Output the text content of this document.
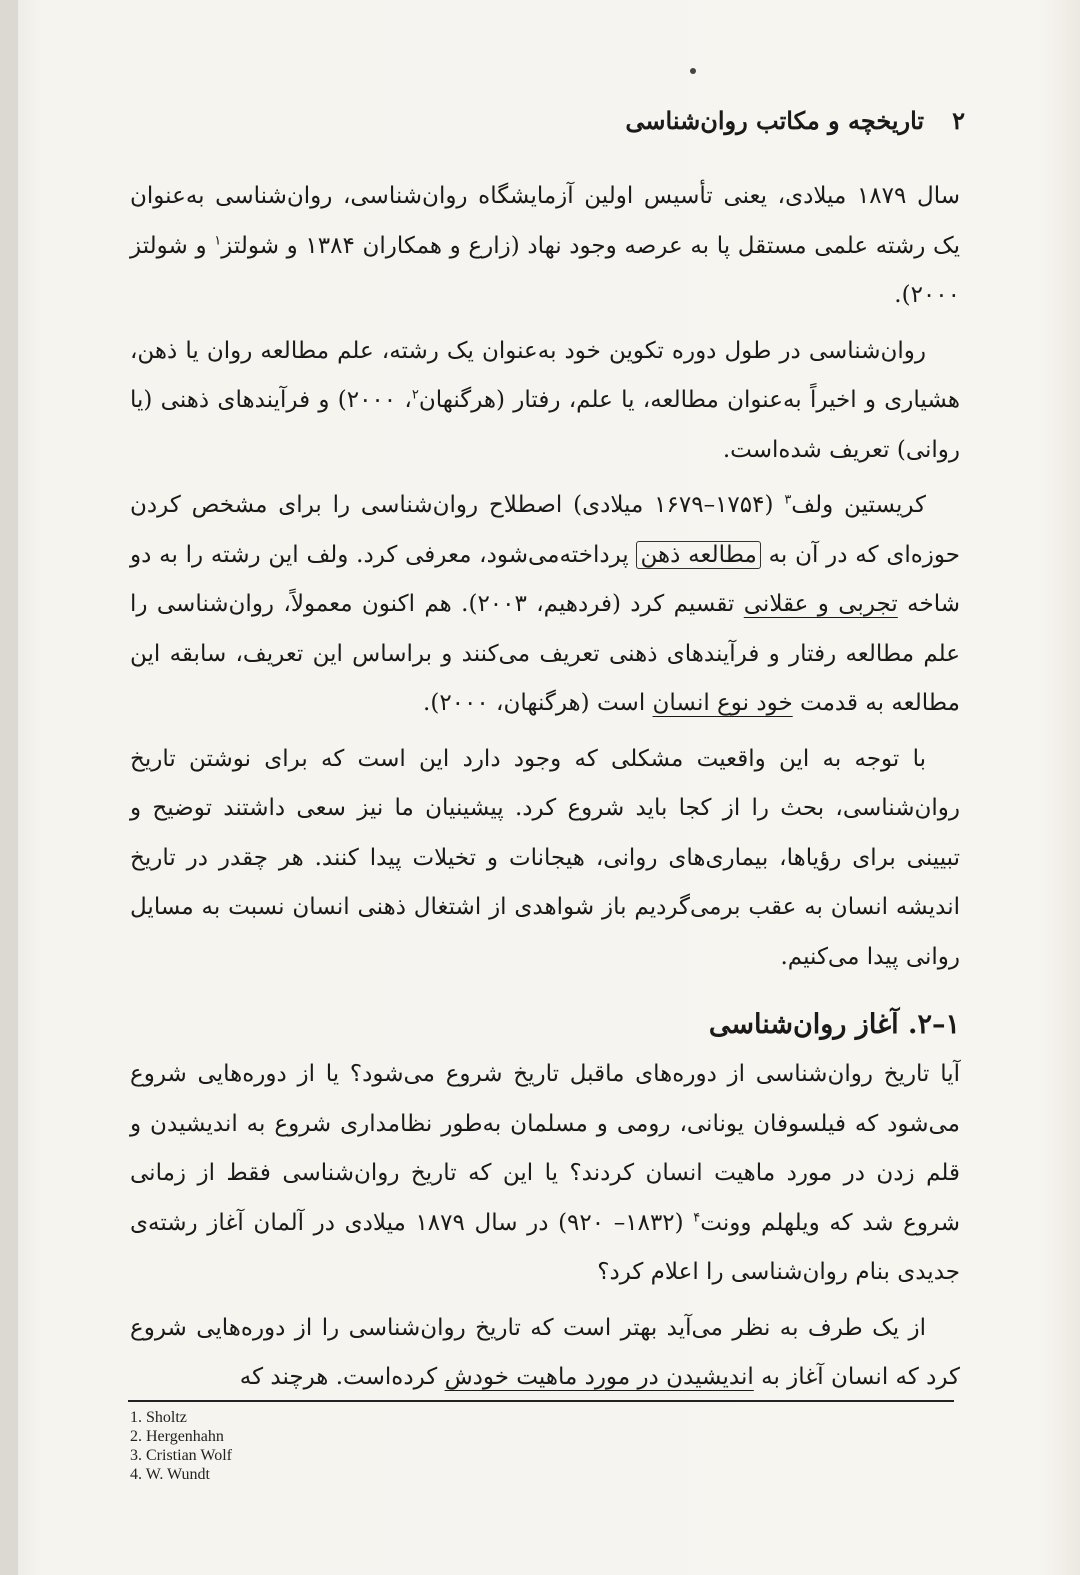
۲
تاریخچه و مکاتب روان‌شناسی

سال ۱۸۷۹ میلادی، یعنی تأسیس اولین آزمایشگاه روان‌شناسی، روان‌شناسی به‌عنوان یک رشته علمی مستقل پا به عرصه وجود نهاد (زارع و همکاران ۱۳۸۴ و شولتز$^۱$ و شولتز ۲۰۰۰).

روان‌شناسی در طول دوره تکوین خود به‌عنوان یک رشته، علم مطالعه روان یا ذهن، هشیاری و اخیراً به‌عنوان مطالعه، یا علم، رفتار (هرگنهان$^۲$، ۲۰۰۰) و فرآیندهای ذهنی (یا روانی) تعریف شده‌است.

کریستین ولف$^۳$ (۱۷۵۴–۱۶۷۹ میلادی) اصطلاح روان‌شناسی را برای مشخص کردن حوزه‌ای که در آن به مطالعه ذهن پرداخته‌می‌شود، معرفی کرد. ولف این رشته را به دو شاخه تجربی و عقلانی تقسیم کرد (فردهیم، ۲۰۰۳). هم اکنون معمولاً، روان‌شناسی را علم مطالعه رفتار و فرآیندهای ذهنی تعریف می‌کنند و براساس این تعریف، سابقه این مطالعه به قدمت خود نوع انسان است (هرگنهان، ۲۰۰۰).

با توجه به این واقعیت مشکلی که وجود دارد این است که برای نوشتن تاریخ روان‌شناسی، بحث را از کجا باید شروع کرد. پیشینیان ما نیز سعی داشتند توضیح و تبیینی برای رؤیاها، بیماری‌های روانی، هیجانات و تخیلات پیدا کنند. هر چقدر در تاریخ اندیشه انسان به عقب برمی‌گردیم باز شواهدی از اشتغال ذهنی انسان نسبت به مسایل روانی پیدا می‌کنیم.

۱–۲. آغاز روان‌شناسی

آیا تاریخ روان‌شناسی از دوره‌های ماقبل تاریخ شروع می‌شود؟ یا از دوره‌هایی شروع می‌شود که فیلسوفان یونانی، رومی و مسلمان به‌طور نظامداری شروع به اندیشیدن و قلم زدن در مورد ماهیت انسان کردند؟ یا این که تاریخ روان‌شناسی فقط از زمانی شروع شد که ویلهلم وونت$^۴$ (۱۸۳۲– ۹۲۰) در سال ۱۸۷۹ میلادی در آلمان آغاز رشته‌ی جدیدی بنام روان‌شناسی را اعلام کرد؟

از یک طرف به نظر می‌آید بهتر است که تاریخ روان‌شناسی را از دوره‌هایی شروع کرد که انسان آغاز به اندیشیدن در مورد ماهیت خودش کرده‌است. هرچند که

1. Sholtz
2. Hergenhahn
3. Cristian Wolf
4. W. Wundt
